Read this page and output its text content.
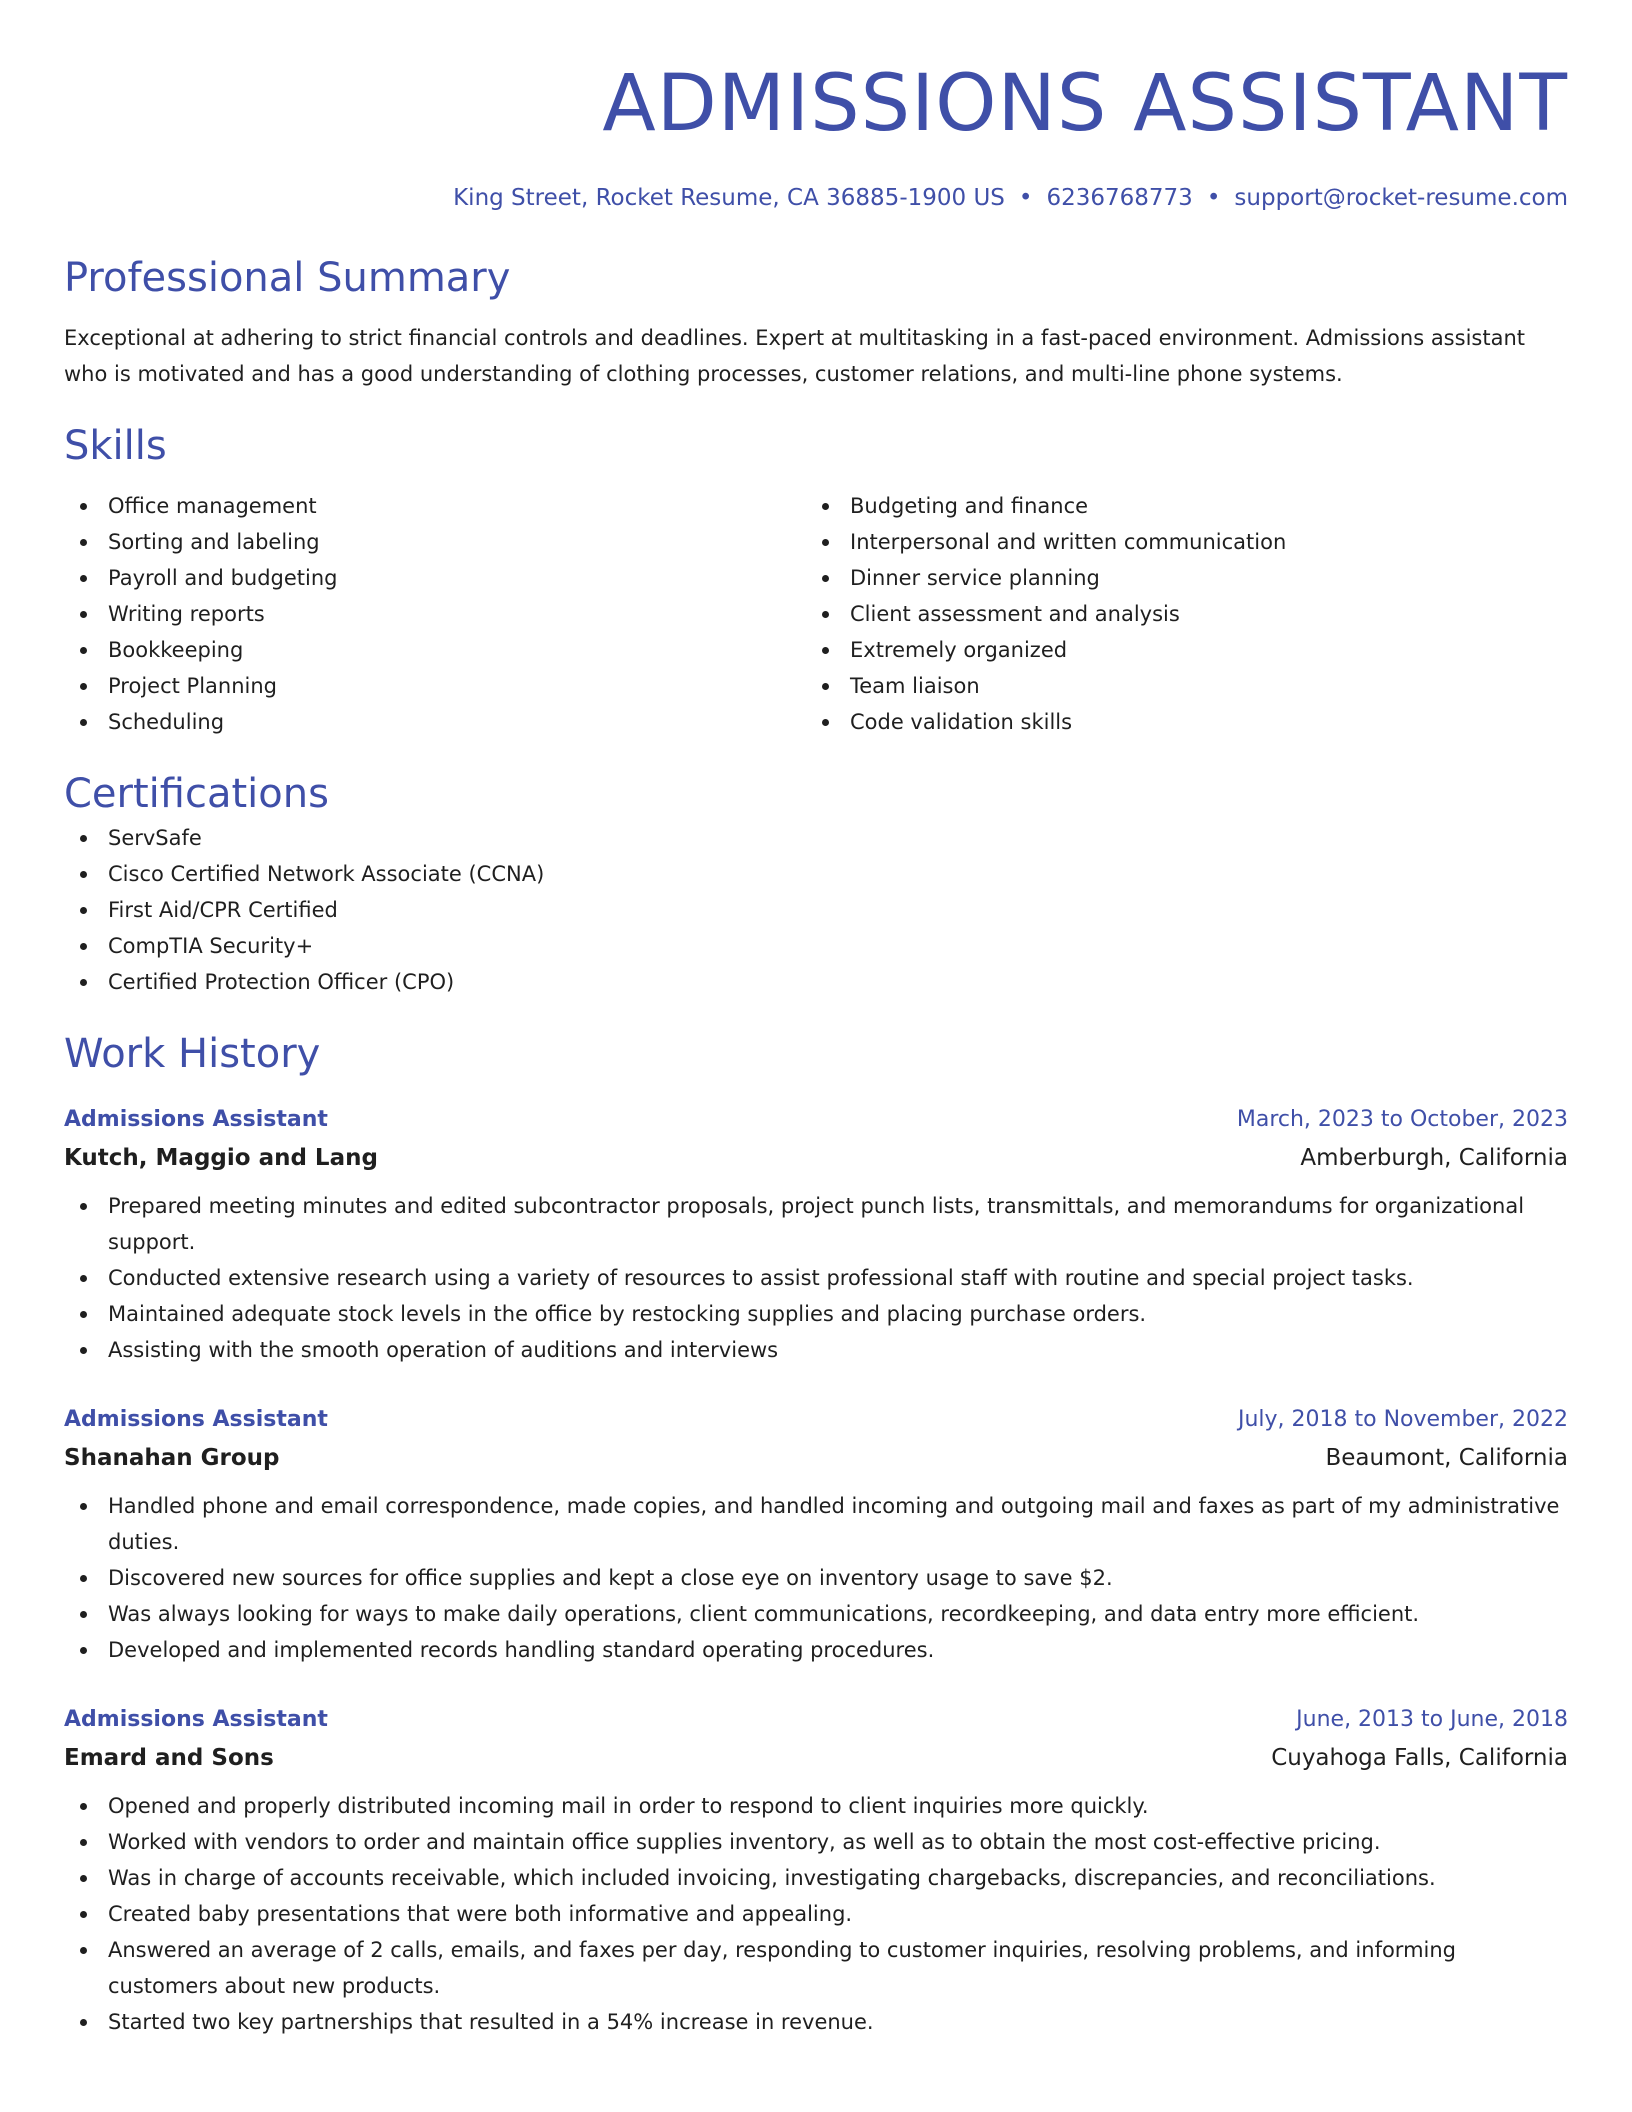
ADMISSIONS ASSISTANT
King Street, Rocket Resume, CA 36885-1900 US • 6236768773 • support@rocket-resume.com
Professional Summary
Exceptional at adhering to strict financial controls and deadlines. Expert at multitasking in a fast-paced environment. Admissions assistant who is motivated and has a good understanding of clothing processes, customer relations, and multi-line phone systems.
Skills
Office management
Sorting and labeling
Payroll and budgeting
Writing reports
Bookkeeping
Project Planning
Scheduling
Budgeting and finance
Interpersonal and written communication
Dinner service planning
Client assessment and analysis
Extremely organized
Team liaison
Code validation skills
Certifications
ServSafe
Cisco Certified Network Associate (CCNA)
First Aid/CPR Certified
CompTIA Security+
Certified Protection Officer (CPO)
Work History
Admissions Assistant	March, 2023 to October, 2023
Kutch, Maggio and Lang	Amberburgh, California
Prepared meeting minutes and edited subcontractor proposals, project punch lists, transmittals, and memorandums for organizational support.
Conducted extensive research using a variety of resources to assist professional staff with routine and special project tasks.
Maintained adequate stock levels in the office by restocking supplies and placing purchase orders.
Assisting with the smooth operation of auditions and interviews
Admissions Assistant	July, 2018 to November, 2022
Shanahan Group	Beaumont, California
Handled phone and email correspondence, made copies, and handled incoming and outgoing mail and faxes as part of my administrative duties.
Discovered new sources for office supplies and kept a close eye on inventory usage to save $2.
Was always looking for ways to make daily operations, client communications, recordkeeping, and data entry more efficient.
Developed and implemented records handling standard operating procedures.
Admissions Assistant	June, 2013 to June, 2018
Emard and Sons	Cuyahoga Falls, California
Opened and properly distributed incoming mail in order to respond to client inquiries more quickly.
Worked with vendors to order and maintain office supplies inventory, as well as to obtain the most cost-effective pricing.
Was in charge of accounts receivable, which included invoicing, investigating chargebacks, discrepancies, and reconciliations.
Created baby presentations that were both informative and appealing.
Answered an average of 2 calls, emails, and faxes per day, responding to customer inquiries, resolving problems, and informing customers about new products.
Started two key partnerships that resulted in a 54% increase in revenue.
